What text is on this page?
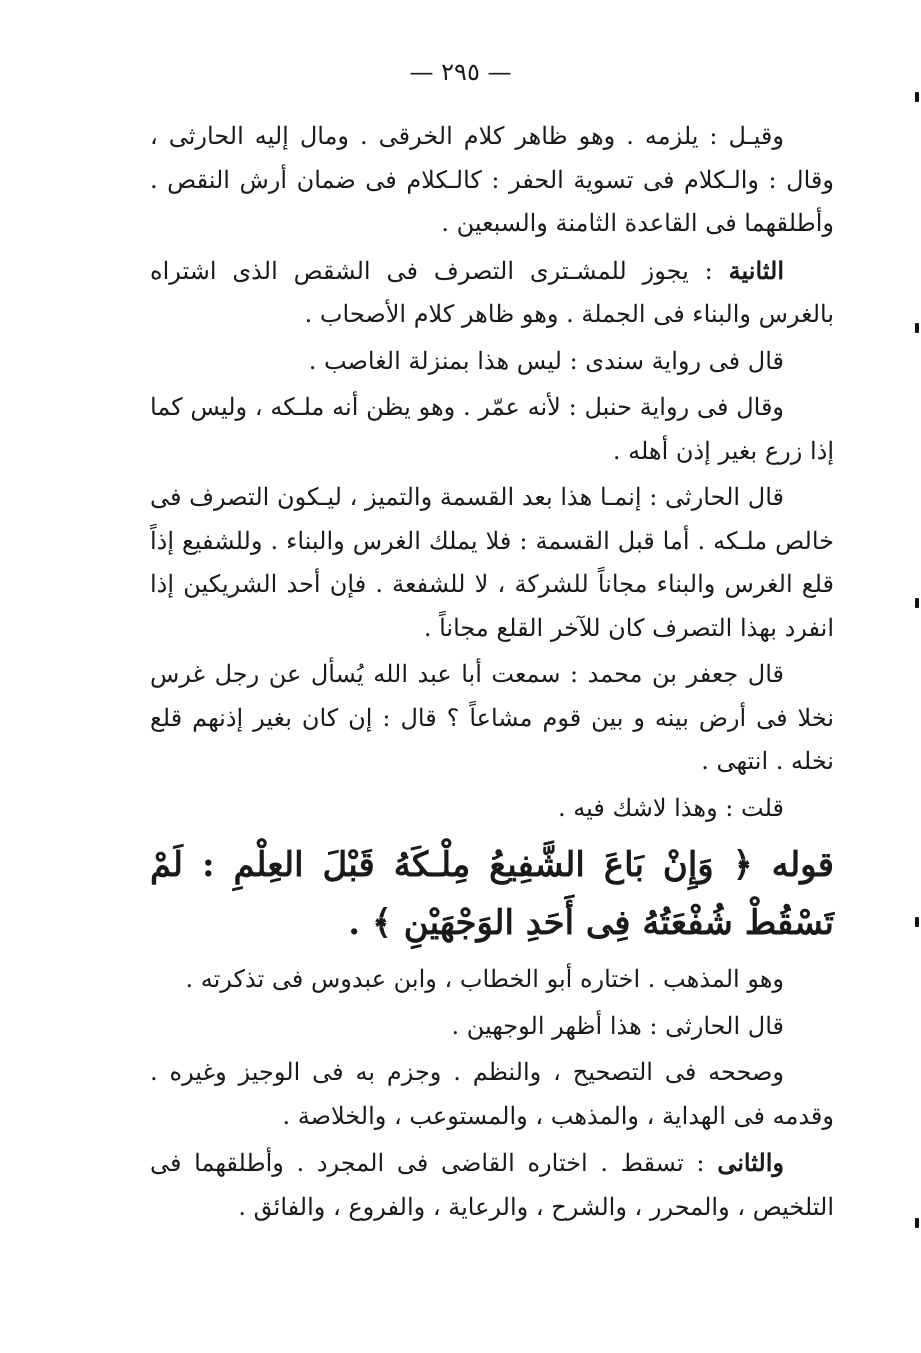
— ٢٩٥ —

وقيـل : يلزمه . وهو ظاهر كلام الخرقى . ومال إليه الحارثى ، وقال : والـكلام فى تسوية الحفر : كالـكلام فى ضمان أرش النقص . وأطلقهما فى القاعدة الثامنة والسبعين .

الثانية : يجوز للمشـترى التصرف فى الشقص الذى اشتراه بالغرس والبناء فى الجملة . وهو ظاهر كلام الأصحاب .

قال فى رواية سندى : ليس هذا بمنزلة الغاصب .

وقال فى رواية حنبل : لأنه عمّر . وهو يظن أنه ملـكه ، وليس كما إذا زرع بغير إذن أهله .

قال الحارثى : إنمـا هذا بعد القسمة والتميز ، ليـكون التصرف فى خالص ملـكه . أما قبل القسمة : فلا يملك الغرس والبناء . وللشفيع إذاً قلع الغرس والبناء مجاناً للشركة ، لا للشفعة . فإن أحد الشريكين إذا انفرد بهذا التصرف كان للآخر القلع مجاناً .

قال جعفر بن محمد : سمعت أبا عبد الله يُسأل عن رجل غرس نخلا فى أرض بينه و بين قوم مشاعاً ؟ قال : إن كان بغير إذنهم قلع نخله . انتهى .

قلت : وهذا لاشك فيه .

قوله ﴿ وَإِنْ بَاعَ الشَّفِيعُ مِلْـكَهُ قَبْلَ العِلْمِ : لَمْ تَسْقُطْ شُفْعَتُهُ فِى أَحَدِ الوَجْهَيْنِ ﴾ .

وهو المذهب . اختاره أبو الخطاب ، وابن عبدوس فى تذكرته .

قال الحارثى : هذا أظهر الوجهين .

وصححه فى التصحيح ، والنظم . وجزم به فى الوجيز وغيره . وقدمه فى الهداية ، والمذهب ، والمستوعب ، والخلاصة .

والثانى : تسقط . اختاره القاضى فى المجرد . وأطلقهما فى التلخيص ، والمحرر ، والشرح ، والرعاية ، والفروع ، والفائق .
